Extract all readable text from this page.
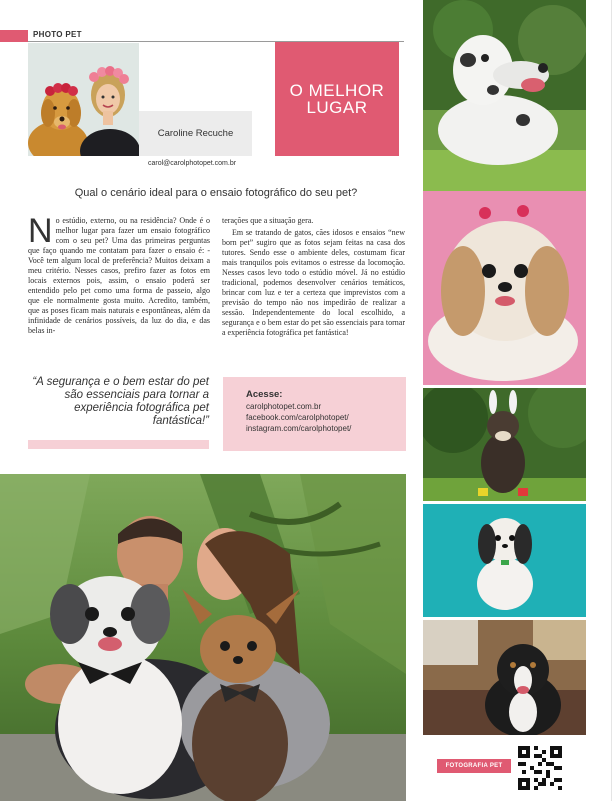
PHOTO PET
Caroline Recuche
carol@carolphotopet.com.br
O MELHOR
LUGAR
Qual o cenário ideal para o ensaio fotográfico do seu pet?
N o estúdio, externo, ou na residência? Onde é o melhor lugar para fazer um ensaio fotográfico com o seu pet? Uma das primeiras perguntas que faço quando me contatam para fazer o ensaio é: - Você tem algum local de preferência? Muitos deixam a meu critério. Nesses casos, prefiro fazer as fotos em locais externos pois, assim, o ensaio poderá ser entendido pelo pet como uma forma de passeio, algo que ele normalmente gosta muito. Acredito, também, que as poses ficam mais naturais e espontâneas, além da infinidade de cenários possíveis, da luz do dia, e das belas in-

terações que a situação gera.

Em se tratando de gatos, cães idosos e ensaios “new born pet” sugiro que as fotos sejam feitas na casa dos tutores. Sendo esse o ambiente deles, costumam ficar mais tranquilos pois evitamos o estresse da locomoção. Nesses casos levo todo o estúdio móvel. Já no estúdio tradicional, podemos desenvolver cenários temáticos, brincar com luz e ter a certeza que imprevistos com a previsão do tempo não nos impedirão de realizar a sessão. Independentemente do local escolhido, a segurança e o bem estar do pet são essenciais para tornar a experiência fotográfica pet fantástica!

“A segurança e o bem estar do pet são essenciais para tornar a experiência fotográfica pet fantástica!”
Acesse:
carolphotopet.com.br
facebook.com/carolphotopet/
instagram.com/carolphotopet/
FOTOGRAFIA PET
